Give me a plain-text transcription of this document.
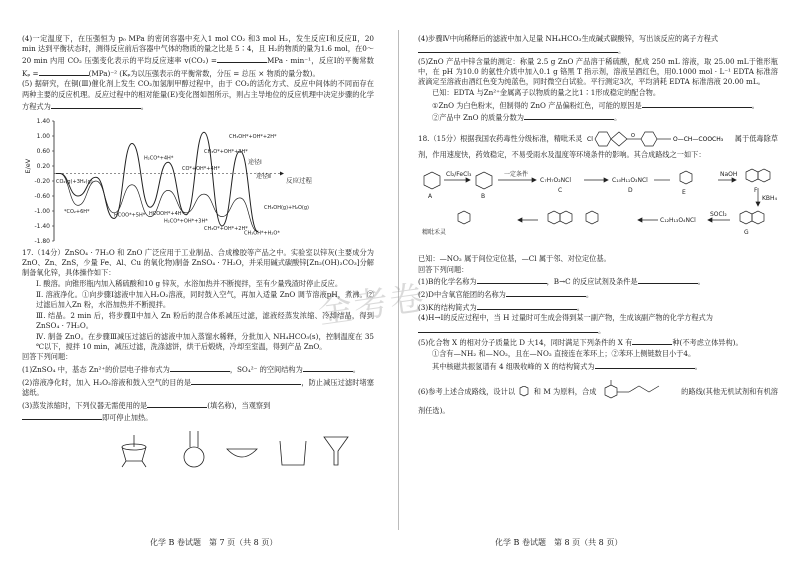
金考卷

(4)一定温度下，在压强恒为 p₀ MPa 的密闭容器中充入1 mol CO₂ 和3 mol H₂，发生反应Ⅰ和反应Ⅱ，20 min 达到平衡状态时，测得反应前后容器中气体的物质的量之比是 5∶4，且 H₂的物质的量为1.6 mol，在0～20 min 内用 CO₂ 压强变化表示的平均反应速率 v(CO₂) =	MPa · min⁻¹，反应Ⅰ的平衡常数 Kₚ =	(MPa)⁻² (Kₚ为以压强表示的平衡常数，分压 = 总压 × 物质的量分数)。

(5) 据研究，在铜(Ⅲ)催化剂上发生 CO₂加氢制甲醇过程中，由于 CO₂的活化方式、反应中间体的不同而存在两种主要的反应机理。反应过程中的相对能量(E)变化图如图所示，则占主导地位的反应机理中决定步骤的化学方程式为	。

1.40
1.00
0.60
0.20
-0.20
-0.60
-1.00
-1.40
-1.80
E/eV
反应过程
途径Ⅰ
途径Ⅱ
CO₂(g)+3H₂(g)
H₂CO*+4H*
CH₃O*+OH*+3H*
CH₃OH*+OH*+2H*
CO*+OH*+4H*
CH₃OH(g)+H₂O(g)
*CO₂+6H*
HCOO*+5H* HCOOH*+4H*
H₂CO*+OH*+3H*
CH₃O*+OH*+2H*
CH₃OH*+H₂O*

17.（14分）ZnSO₄ · 7H₂O 和 ZnO 广泛应用于工业制品、合成橡胶等产品之中。实验室以锌灰(主要成分为 ZnO、Zn、ZnS，少量 Fe、Al、Cu 的氧化物)制备 ZnSO₄ · 7H₂O，并采用碱式碳酸锌[Zn₂(OH)₂CO₃]分解制备氧化锌，具体操作如下：

Ⅰ. 酸溶。向锥形瓶内加入稀硫酸和10 g 锌灰，水浴加热并不断搅拌，至有少量残渣时停止反应。

Ⅱ. 溶液净化。①向步骤Ⅰ滤液中加入H₂O₂溶液，同时鼓入空气，再加入适量 ZnO 调节溶液pH，煮沸。②过滤后加入Zn 粉，水浴加热并不断搅拌。

Ⅲ. 结晶。2 min 后，将步骤Ⅱ中加入 Zn 粉后的混合体系减压过滤，滤液经蒸发浓缩、冷却结晶，得到 ZnSO₄ · 7H₂O。

Ⅳ. 制备 ZnO。在步骤Ⅲ减压过滤后的滤液中加入蒸馏水稀释，分批加入 NH₄HCO₃(s)，控制温度在 35 ℃以下，搅拌 10 min，减压过滤，洗涤滤饼，烘干后煅烧，冷却至室温，得到产品 ZnO。

回答下列问题：

(1)ZnSO₄ 中，基态 Zn²⁺的价层电子排布式为	，SO₄²⁻ 的空间结构为	。

(2)溶液净化时，加入 H₂O₂溶液和鼓入空气的目的是	，防止减压过滤时堵塞滤纸。

(3)蒸发浓缩时，下列仪器无需使用的是	(填名称)，当观察到
即可停止加热。

(4)步骤Ⅳ中向稀释后的滤液中加入足量 NH₄HCO₃生成碱式碳酸锌，写出该反应的离子方程式
。

(5)ZnO 产品中锌含量的测定：称量 2.5 g ZnO 产品溶于稀硫酸，配成 250 mL 溶液，取 25.00 mL于锥形瓶中，在 pH 为10.0 的氨性介质中加入0.1 g 铬黑 T 指示剂，溶液呈酒红色，用0.1000 mol · L⁻¹ EDTA 标准溶液滴定至溶液由酒红色变为纯蓝色，同时微空白试验。平行测定3次，平均消耗 EDTA 标准溶液 20.00 mL。

已知：EDTA 与Zn²⁺金属离子以物质的量之比1∶1形成稳定的配合物。

①ZnO 为白色粉末，但制得的 ZnO 产品偏粉红色，可能的原因是	。

②产品中 ZnO 的质量分数为	。

18.（15分）根据我国农药毒性分级标准，精吡禾灵 Cl	O	O—CH—COOCH₃ 属于低毒除草剂，作用速度快，药效稳定，不易受雨水及温度等环境条件的影响。其合成路线之一如下：

A
Cl₂/FeCl₃
B
一定条件
C₇H₇O₂NCl
C
C₁₀H₁₁O₃NCl
D	E
NaOH
F
KBH₄
G
SOCl₂
C₁₂H₁₃O₄NCl
精吡禾灵

已知：—NO₂ 属于间位定位基，—Cl 属于邻、对位定位基。

回答下列问题：

(1)B的化学名称为	，B→C 的反应试剂及条件是	。

(2)D中含氧官能团的名称为	。

(3)K的结构简式为	。

(4)H→I的反应过程中，当 H 过量时可生成会得到某一副产物，生成该副产物的化学方程式为
。

(5)化合物 X 的相对分子质量比 D 大14，同时满足下列条件的 X 有	种(不考虑立体异构)。

①含有—NH₂ 和—NO₂，且在—NO₂ 直接连在苯环上；②苯环上侧链数目小于4。

其中核磁共振氢谱有 4 组吸收峰的 X 的结构简式为	。

(6)参考上述合成路线，设计以	和 M 为原料，合成	的路线(其他无机试剂和有机溶剂任选)。

化学 B 卷试题　第 7 页（共 8 页）	化学 B 卷试题　第 8 页（共 8 页）
